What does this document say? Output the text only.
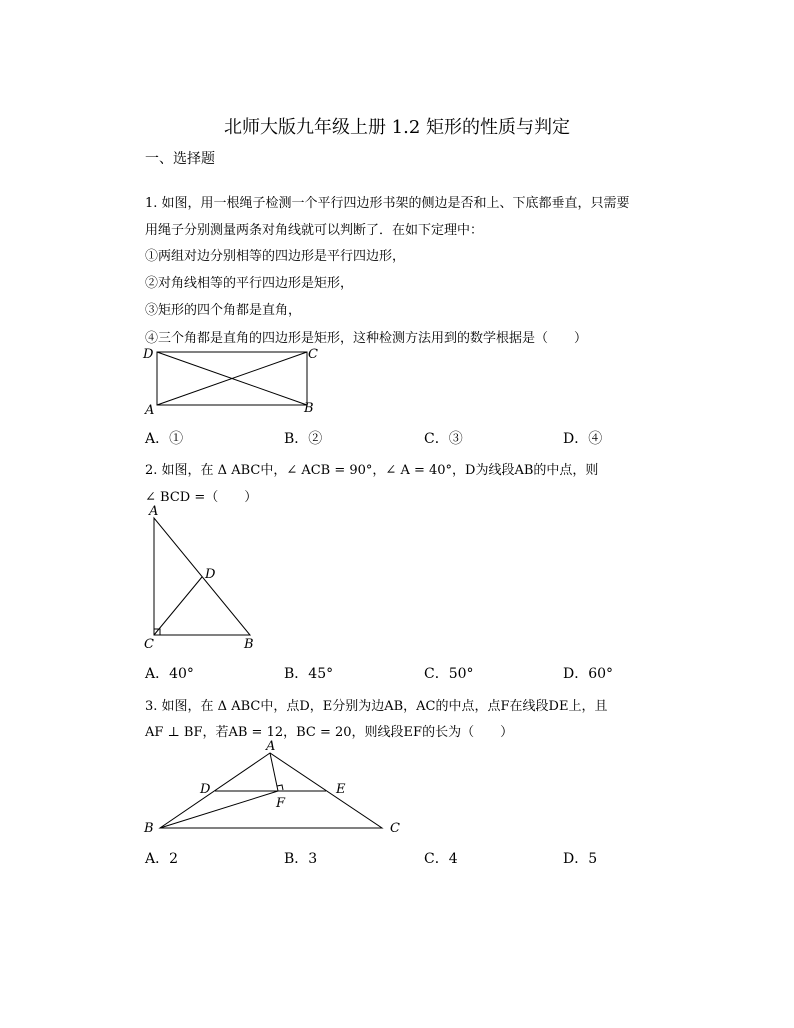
北师大版九年级上册 1.2 矩形的性质与判定
一、选择题
1. 如图，用一根绳子检测一个平行四边形书架的侧边是否和上、下底都垂直，只需要
用绳子分别测量两条对角线就可以判断了．在如下定理中：
①两组对边分别相等的四边形是平行四边形，
②对角线相等的平行四边形是矩形，
③矩形的四个角都是直角，
④三个角都是直角的四边形是矩形，这种检测方法用到的数学根据是（　　）
D	C
A	B
A．①	B．②	C．③	D．④
2. 如图，在 Δ ABC中，∠ ACB = 90°，∠ A = 40°，D为线段AB的中点，则
∠ BCD =（　　）
A
D
C	B
A．40°	B．45°	C．50°	D．60°
3. 如图，在 Δ ABC中，点D，E分别为边AB，AC的中点，点F在线段DE上，且
AF ⊥ BF，若AB = 12，BC = 20，则线段EF的长为（　　）
A
D	E
F
B	C
A．2	B．3	C．4	D．5
